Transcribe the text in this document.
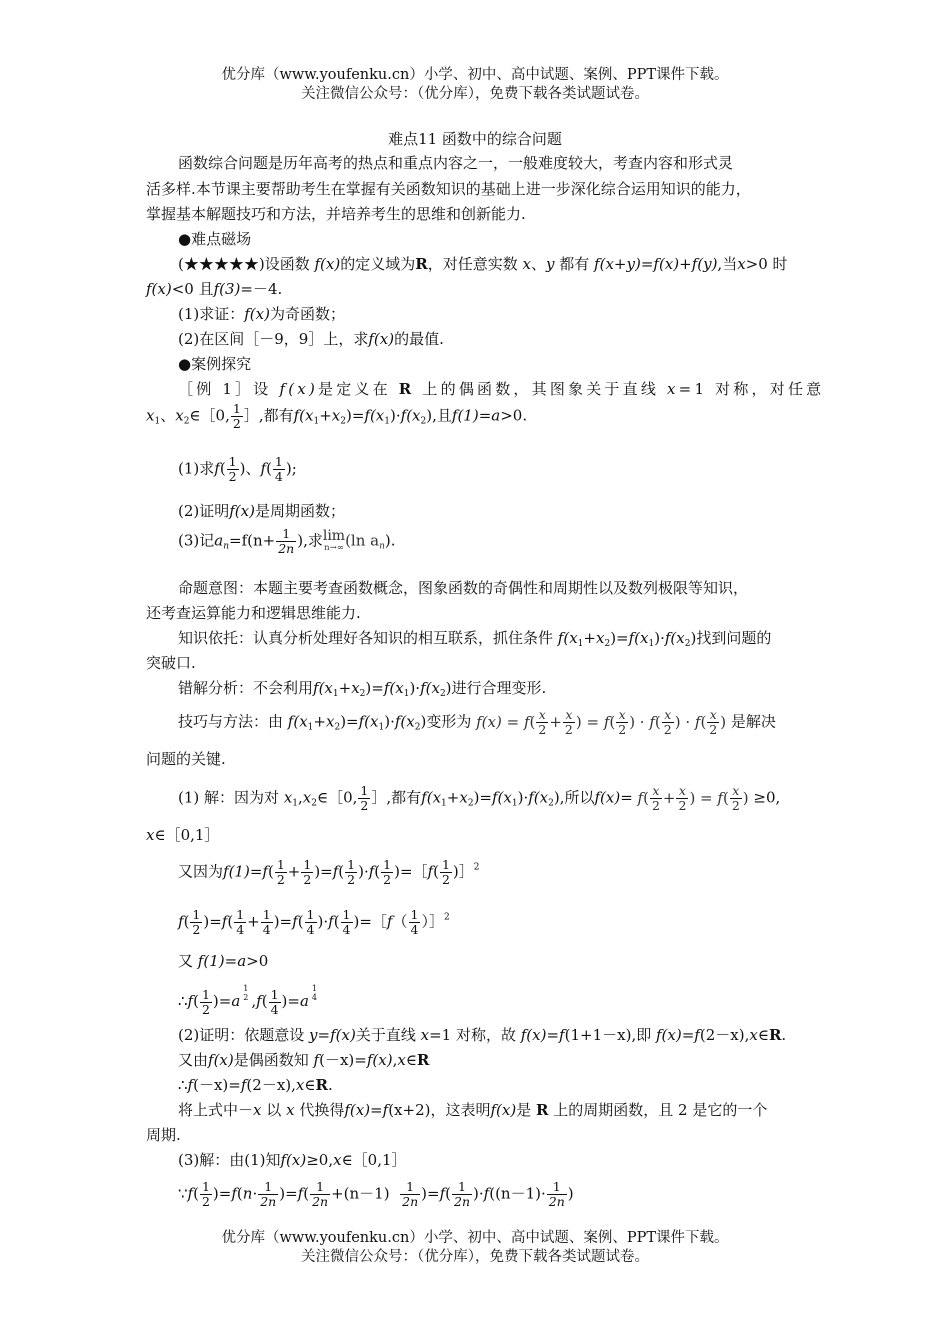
优分库（www.youfenku.cn）小学、初中、高中试题、案例、PPT课件下载。
关注微信公众号：（优分库），免费下载各类试题试卷。
难点11 函数中的综合问题
函数综合问题是历年高考的热点和重点内容之一，一般难度较大，考查内容和形式灵
活多样.本节课主要帮助考生在掌握有关函数知识的基础上进一步深化综合运用知识的能力，
掌握基本解题技巧和方法，并培养考生的思维和创新能力.
●难点磁场
(★★★★★)设函数 f(x)的定义域为R，对任意实数 x、y 都有 f(x+y)=f(x)+f(y),当x>0 时
f(x)<0 且f(3)=－4.
(1)求证：f(x)为奇函数；
(2)在区间［－9，9］上，求f(x)的最值.
●案例探究
［例 1］设 f(x)是定义在 R 上的偶函数，其图象关于直线 x=1 对称，对任意
$x_1$、$x_2\in[0$, $\frac{1}{2}$ ］,都有$f(x_1+x_2)=f(x_1)\cdot f(x_2)$,且f(1)=a>0.
(1)求$f( \frac{1}{2}$ )、$f( \frac{1}{4}$ );
(2)证明f(x)是周期函数；
(3)记$a_n=f(n+ \frac{1}{2n}$ ),求 lim
n→∞ (ln $a_n$).
命题意图：本题主要考查函数概念，图象函数的奇偶性和周期性以及数列极限等知识，
还考查运算能力和逻辑思维能力.
知识依托：认真分析处理好各知识的相互联系，抓住条件 $f(x_1+x_2)=f(x_1)\cdot f(x_2)$找到问题的
突破口.
错解分析：不会利用$f(x_1+x_2)=f(x_1)\cdot f(x_2)$进行合理变形.
技巧与方法：由 $f(x_1+x_2)=f(x_1)\cdot f(x_2)$变形为 $f(x) = f( \frac{x}{2} + \frac{x}{2}$ ) = $f( \frac{x}{2}$ ) · $f( \frac{x}{2}$ ) · $f( \frac{x}{2}$ ) 是解决
问题的关键.
(1) 解：因为对 $x_1,x_2\in[0$, $\frac{1}{2}$ ］,都有$f(x_1+x_2)=f(x_1)\cdot f(x_2)$,所以$f(x)= f( \frac{x}{2} + \frac{x}{2}$ ) = $f( \frac{x}{2}$ ) ≥0,
x∈［0,1］
又因为$f(1)=f( \frac{1}{2} + \frac{1}{2} )=f( \frac{1}{2} )\cdot f( \frac{1}{2}$ )=［f( $\frac{1}{2}$ )］$^2$
$f( \frac{1}{2} )=f( \frac{1}{4} + \frac{1}{4} )=f( \frac{1}{4} )\cdot f( \frac{1}{4}$ )=［f（ $\frac{1}{4}$ ）］$^2$
又 f(1)=a>0
∴f( $\frac{1}{2} )=a$
1
2 $,f( \frac{1}{4} )=a$
1
4
(2)证明：依题意设 y=f(x)关于直线 x=1 对称，故 f(x)=f(1+1－x),即 f(x)=f(2－x),x∈R.
又由f(x)是偶函数知 f(－x)=f(x),x∈R
∴f(－x)=f(2－x),x∈R.
将上式中－x 以 x 代换得f(x)=f(x+2)，这表明f(x)是 R 上的周期函数，且 2 是它的一个
周期.
(3)解：由(1)知f(x)≥0,x∈［0,1］
∵f( $\frac{1}{2} )=f(n\cdot \frac{1}{2n} )=f( \frac{1}{2n} +(n-1) \frac{1}{2n} )=f( \frac{1}{2n} )\cdot f((n-1)\cdot \frac{1}{2n}$ )
优分库（www.youfenku.cn）小学、初中、高中试题、案例、PPT课件下载。
关注微信公众号：（优分库），免费下载各类试题试卷。
